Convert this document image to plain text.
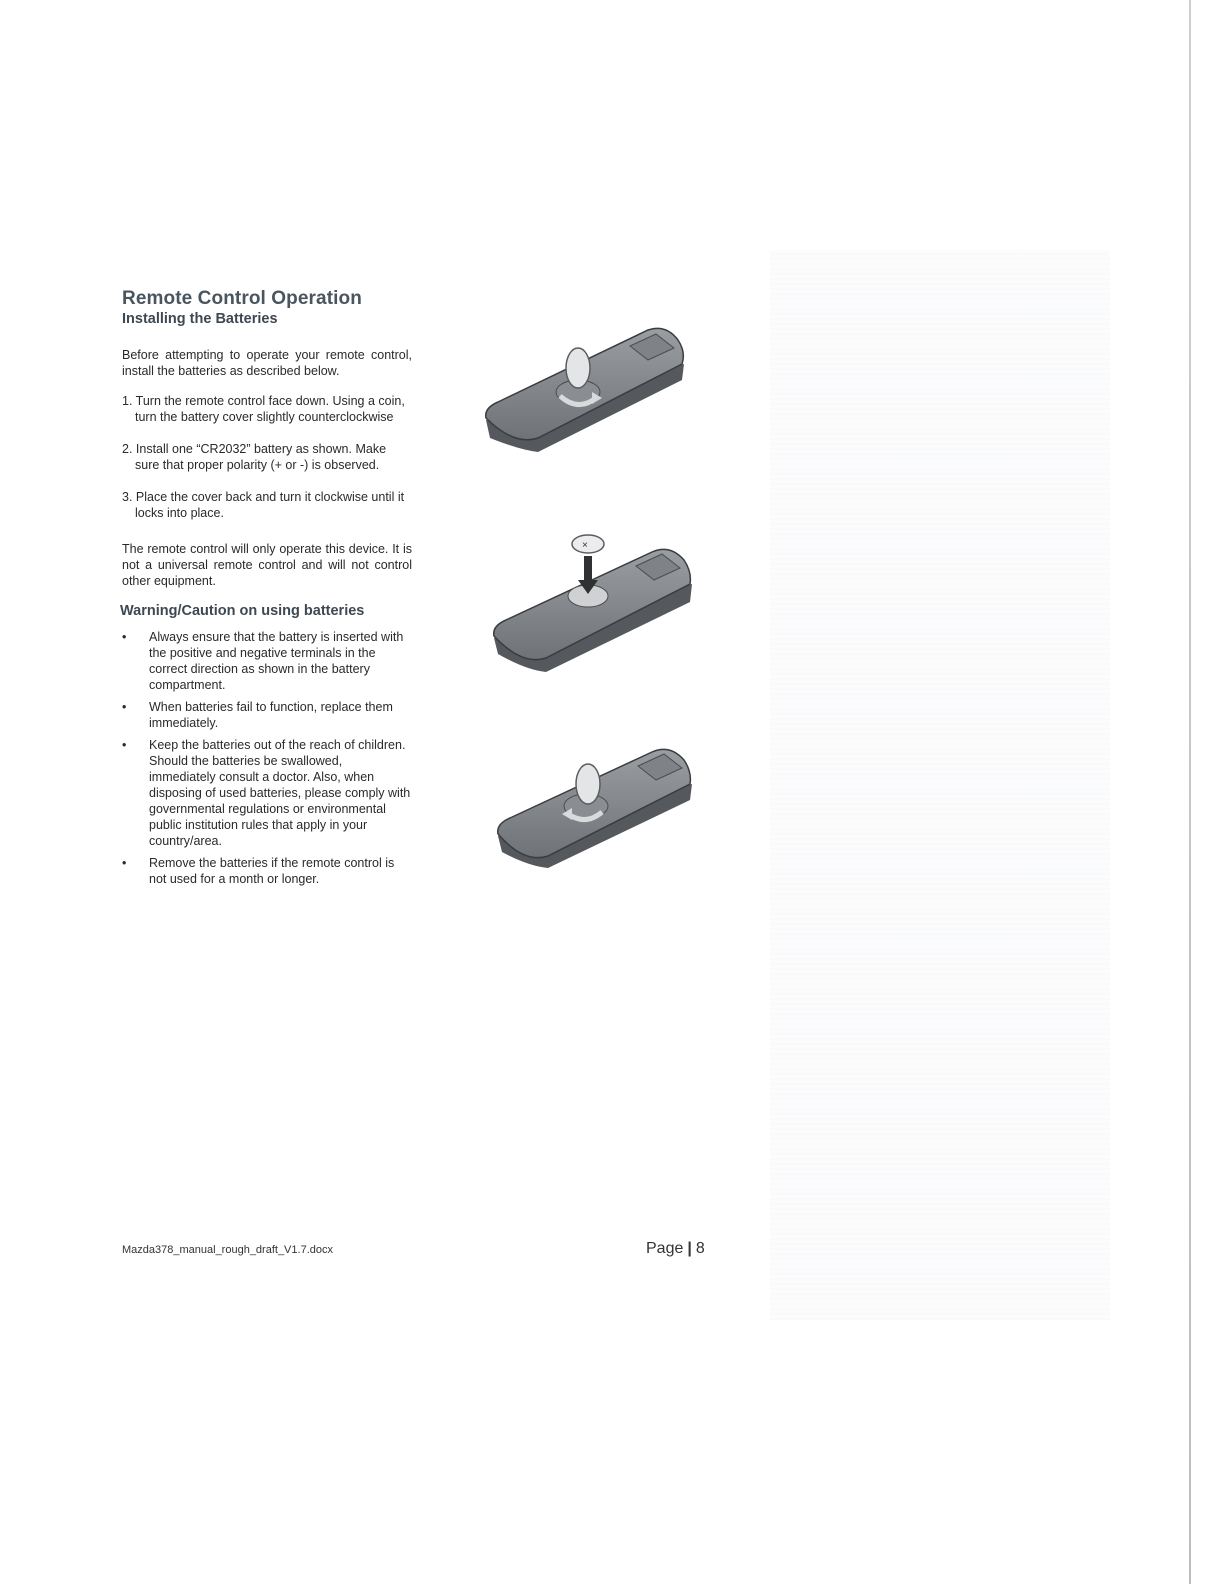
Remote Control Operation
Installing the Batteries

Before attempting to operate your remote control, install the batteries as described below.

1. Turn the remote control face down. Using a coin, turn the battery cover slightly counterclockwise
2. Install one “CR2032” battery as shown. Make sure that proper polarity (+ or -) is observed.
3. Place the cover back and turn it clockwise until it locks into place.

The remote control will only operate this device. It is not a universal remote control and will not control other equipment.

Warning/Caution on using batteries
• Always ensure that the battery is inserted with the positive and negative terminals in the correct direction as shown in the battery compartment.
• When batteries fail to function, replace them immediately.
• Keep the batteries out of the reach of children. Should the batteries be swallowed, immediately consult a doctor. Also, when disposing of used batteries, please comply with governmental regulations or environmental public institution rules that apply in your country/area.
• Remove the batteries if the remote control is not used for a month or longer.
×
Mazda378_manual_rough_draft_V1.7.docx	Page | 8
